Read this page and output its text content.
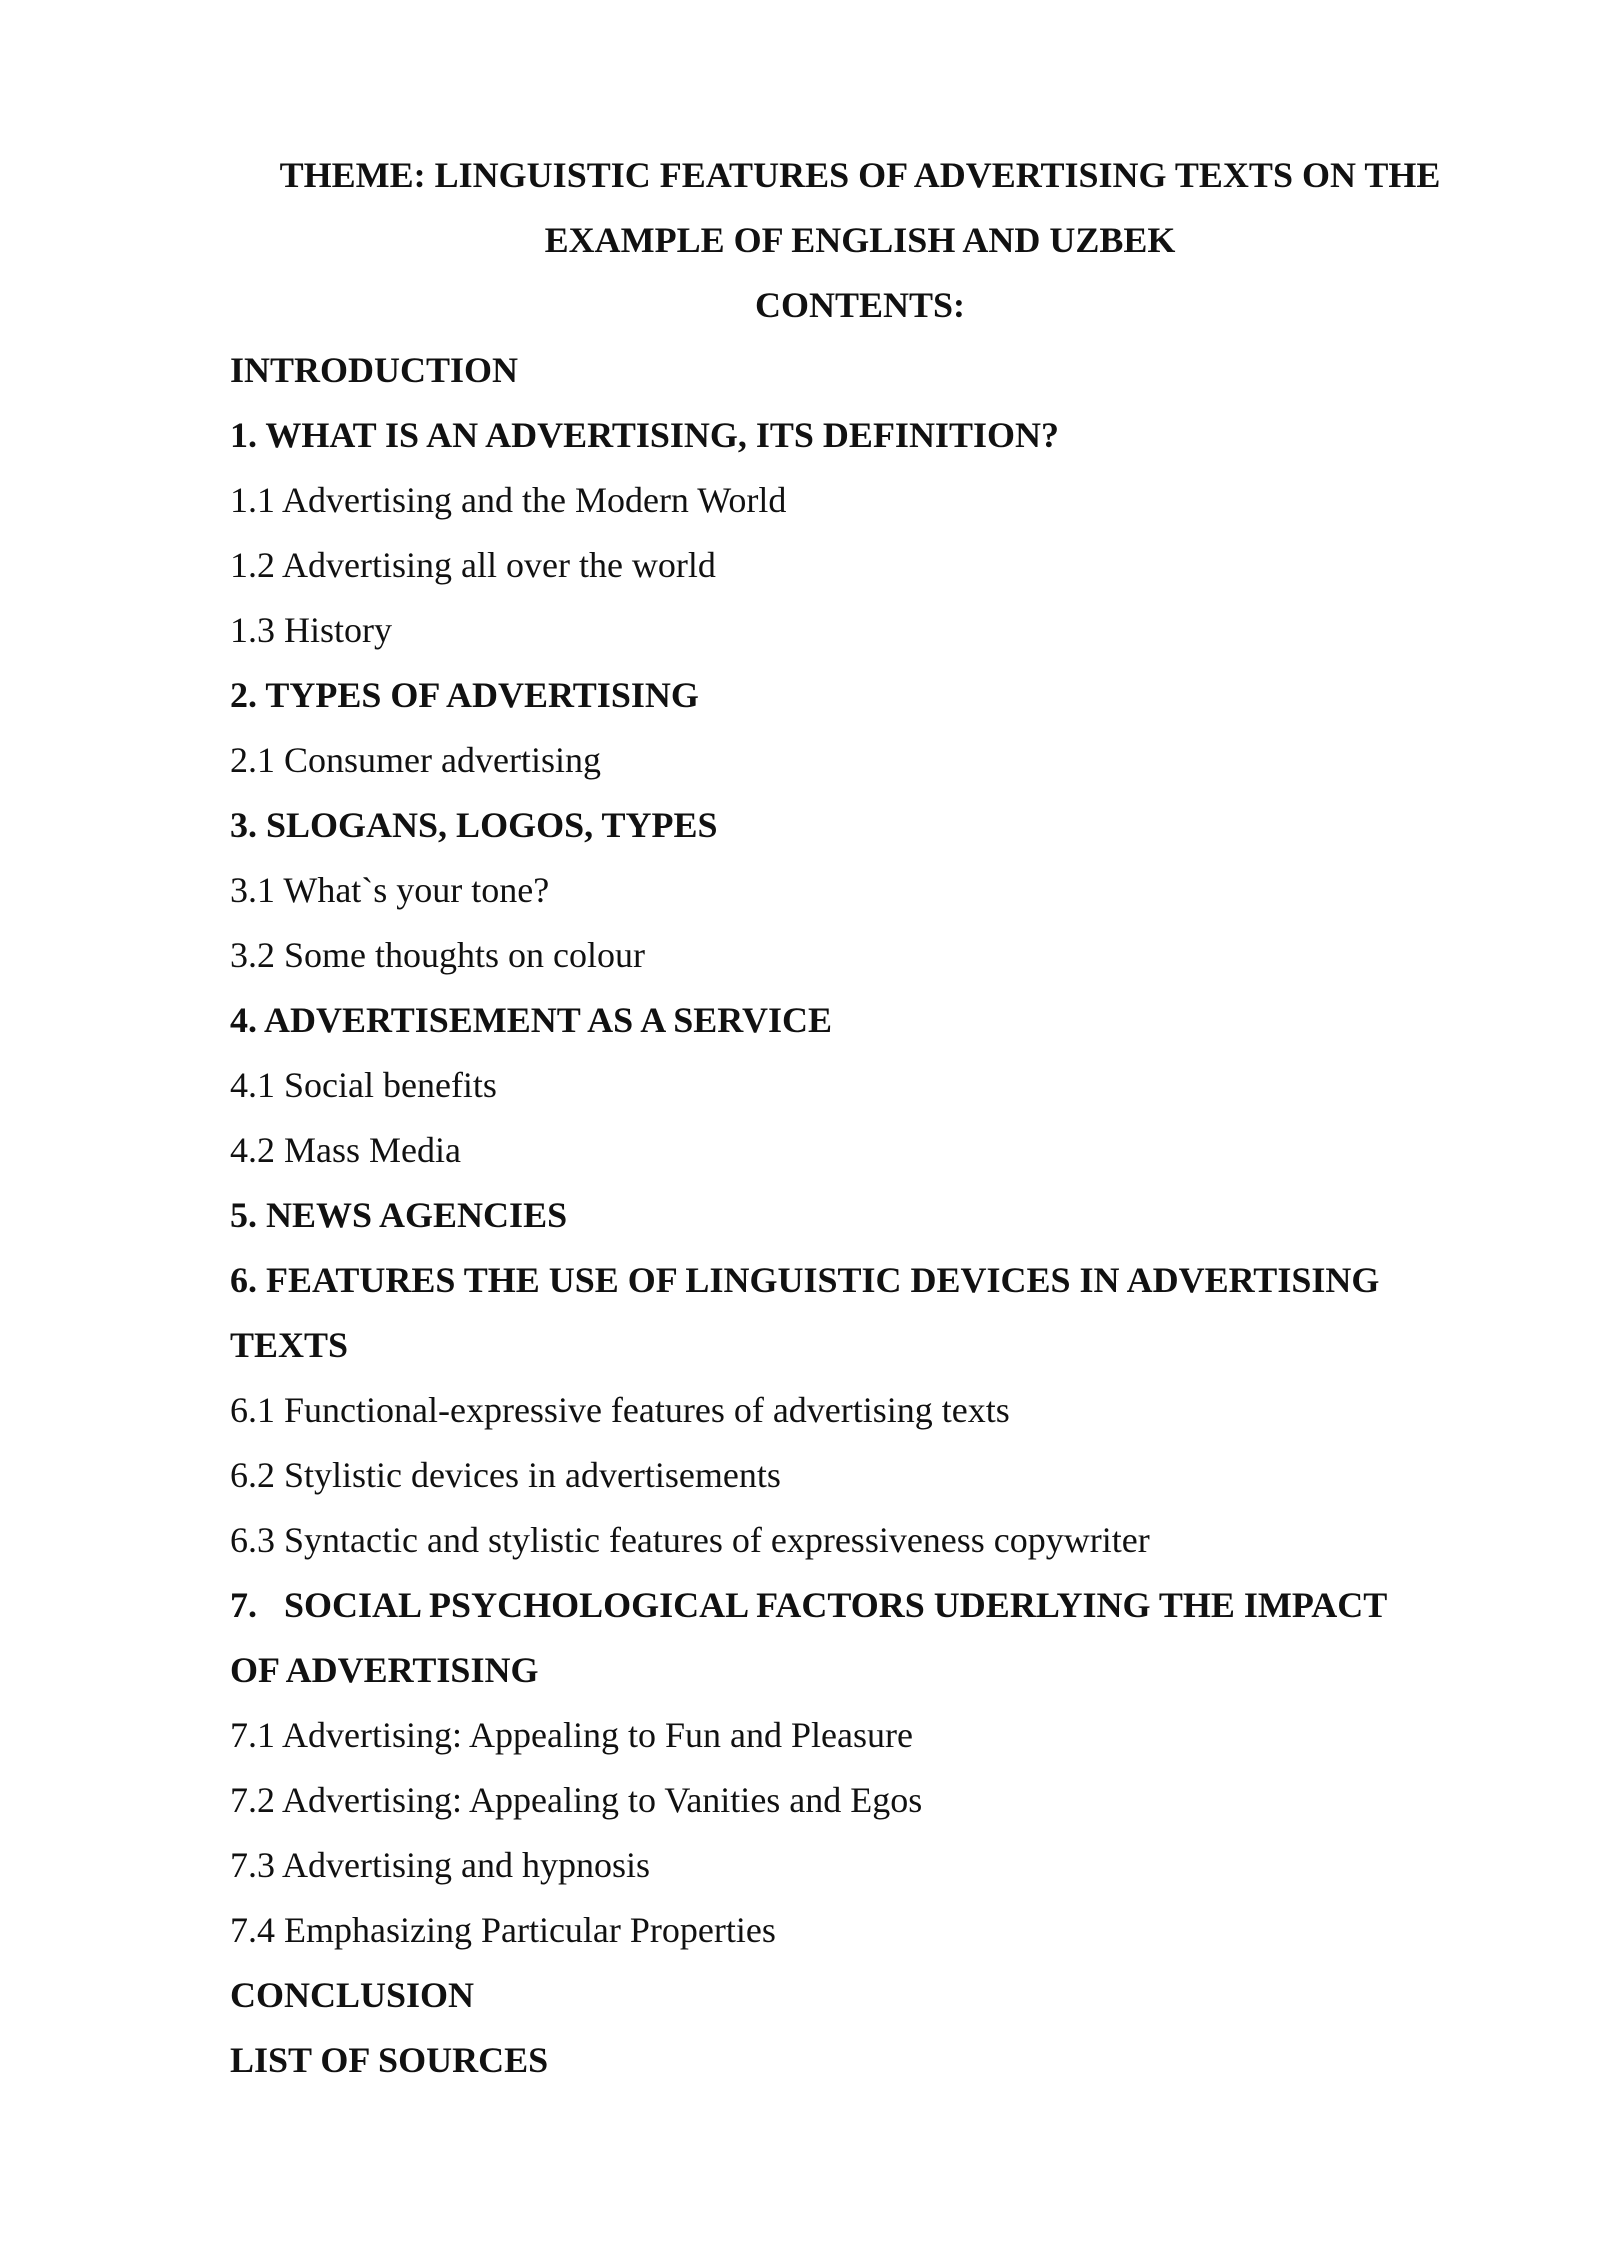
THEME: LINGUISTIC FEATURES OF ADVERTISING TEXTS ON THE
EXAMPLE OF ENGLISH AND UZBEK
CONTENTS:
INTRODUCTION
1. WHAT IS AN ADVERTISING, ITS DEFINITION?
1.1 Advertising and the Modern World
1.2 Advertising all over the world
1.3 History
2. TYPES OF ADVERTISING
2.1 Consumer advertising
3. SLOGANS, LOGOS, TYPES
3.1 What`s your tone?
3.2 Some thoughts on colour
4. ADVERTISEMENT AS A SERVICE
4.1 Social benefits
4.2 Mass Media
5. NEWS AGENCIES
6. FEATURES THE USE OF LINGUISTIC DEVICES IN ADVERTISING
TEXTS
6.1 Functional-expressive features of advertising texts
6.2 Stylistic devices in advertisements
6.3 Syntactic and stylistic features of expressiveness copywriter
7.   SOCIAL PSYCHOLOGICAL FACTORS UDERLYING THE IMPACT
OF ADVERTISING
7.1 Advertising: Appealing to Fun and Pleasure
7.2 Advertising: Appealing to Vanities and Egos
7.3 Advertising and hypnosis
7.4 Emphasizing Particular Properties
CONCLUSION
LIST OF SOURCES
